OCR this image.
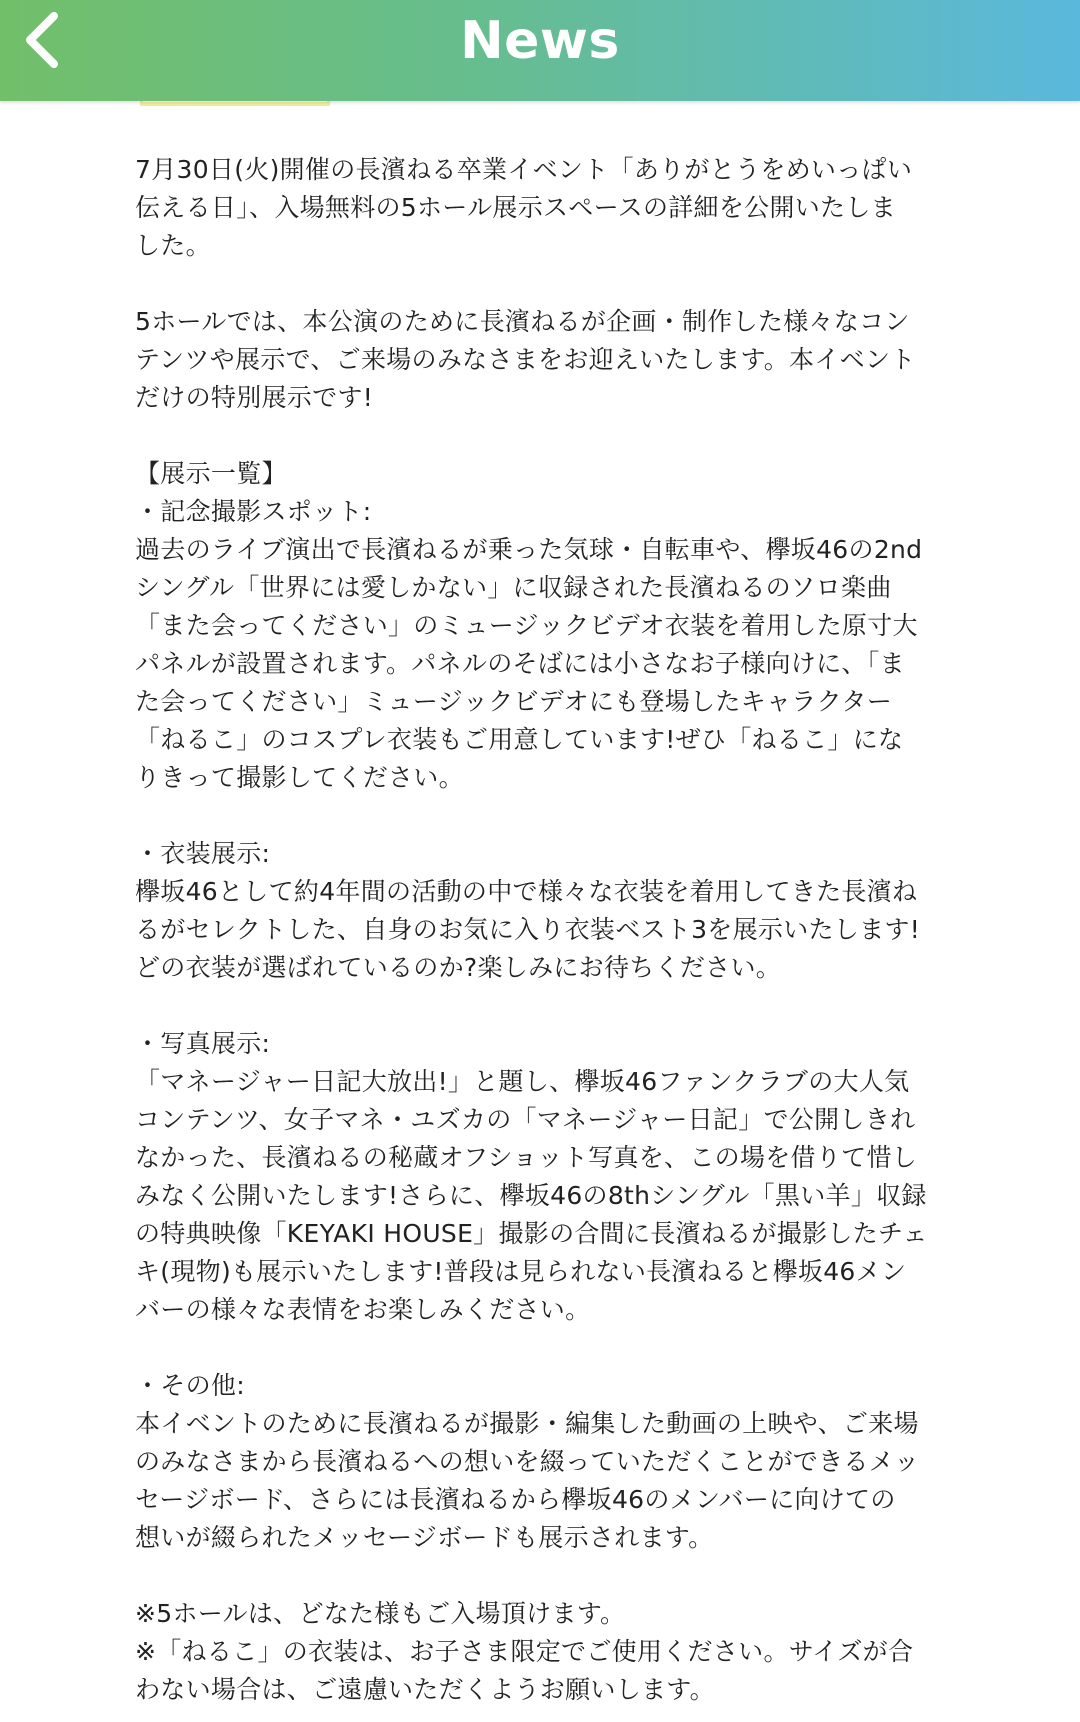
News

7月30日(火)開催の長濱ねる卒業イベント「ありがとうをめいっぱい

伝える日」、入場無料の5ホール展示スペースの詳細を公開いたしま

した。

5ホールでは、本公演のために長濱ねるが企画・制作した様々なコン

テンツや展示で、ご来場のみなさまをお迎えいたします。本イベント

だけの特別展示です!

【展示一覧】

・記念撮影スポット:

過去のライブ演出で長濱ねるが乗った気球・自転車や、欅坂46の2nd

シングル「世界には愛しかない」に収録された長濱ねるのソロ楽曲

「また会ってください」のミュージックビデオ衣装を着用した原寸大

パネルが設置されます。パネルのそばには小さなお子様向けに、「ま

た会ってください」ミュージックビデオにも登場したキャラクター

「ねるこ」のコスプレ衣装もご用意しています!ぜひ「ねるこ」にな

りきって撮影してください。

・衣装展示:

欅坂46として約4年間の活動の中で様々な衣装を着用してきた長濱ね

るがセレクトした、自身のお気に入り衣装ベスト3を展示いたします!

どの衣装が選ばれているのか?楽しみにお待ちください。

・写真展示:

「マネージャー日記大放出!」と題し、欅坂46ファンクラブの大人気

コンテンツ、女子マネ・ユズカの「マネージャー日記」で公開しきれ

なかった、長濱ねるの秘蔵オフショット写真を、この場を借りて惜し

みなく公開いたします!さらに、欅坂46の8thシングル「黒い羊」収録

の特典映像「KEYAKI HOUSE」撮影の合間に長濱ねるが撮影したチェ

キ(現物)も展示いたします!普段は見られない長濱ねると欅坂46メン

バーの様々な表情をお楽しみください。

・その他:

本イベントのために長濱ねるが撮影・編集した動画の上映や、ご来場

のみなさまから長濱ねるへの想いを綴っていただくことができるメッ

セージボード、さらには長濱ねるから欅坂46のメンバーに向けての

想いが綴られたメッセージボードも展示されます。

※5ホールは、どなた様もご入場頂けます。

※「ねるこ」の衣装は、お子さま限定でご使用ください。サイズが合

わない場合は、ご遠慮いただくようお願いします。
